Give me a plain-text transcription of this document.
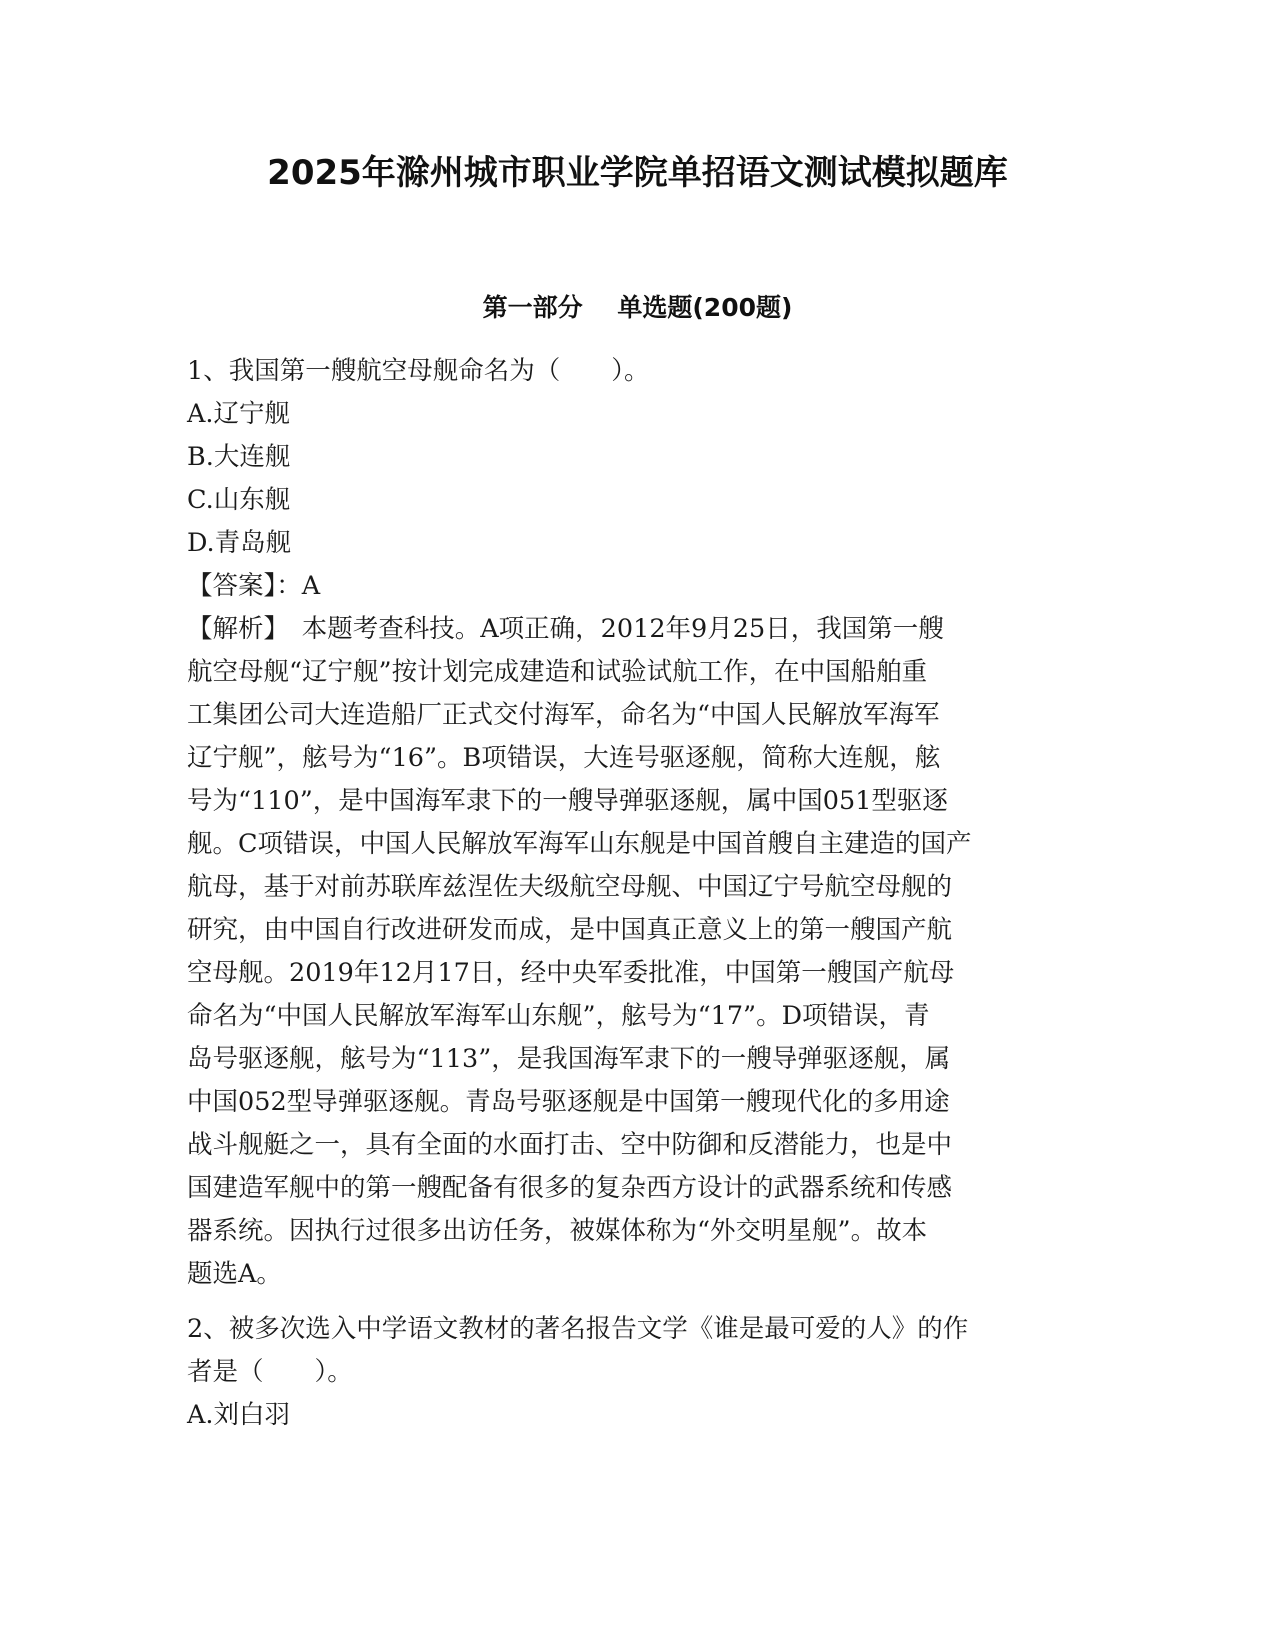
2025年滁州城市职业学院单招语文测试模拟题库
第一部分    单选题(200题)
1、我国第一艘航空母舰命名为（　　）。
A.辽宁舰
B.大连舰
C.山东舰
D.青岛舰
【答案】：A
【解析】　本题考查科技。A项正确，2012年9月25日，我国第一艘
航空母舰“辽宁舰”按计划完成建造和试验试航工作，在中国船舶重
工集团公司大连造船厂正式交付海军，命名为“中国人民解放军海军
辽宁舰”，舷号为“16”。B项错误，大连号驱逐舰，简称大连舰，舷
号为“110”，是中国海军隶下的一艘导弹驱逐舰，属中国051型驱逐
舰。C项错误，中国人民解放军海军山东舰是中国首艘自主建造的国产
航母，基于对前苏联库兹涅佐夫级航空母舰、中国辽宁号航空母舰的
研究，由中国自行改进研发而成，是中国真正意义上的第一艘国产航
空母舰。2019年12月17日，经中央军委批准，中国第一艘国产航母
命名为“中国人民解放军海军山东舰”，舷号为“17”。D项错误，青
岛号驱逐舰，舷号为“113”，是我国海军隶下的一艘导弹驱逐舰，属
中国052型导弹驱逐舰。青岛号驱逐舰是中国第一艘现代化的多用途
战斗舰艇之一，具有全面的水面打击、空中防御和反潜能力，也是中
国建造军舰中的第一艘配备有很多的复杂西方设计的武器系统和传感
器系统。因执行过很多出访任务，被媒体称为“外交明星舰”。故本
题选A。
2、被多次选入中学语文教材的著名报告文学《谁是最可爱的人》的作
者是（　　）。
A.刘白羽
